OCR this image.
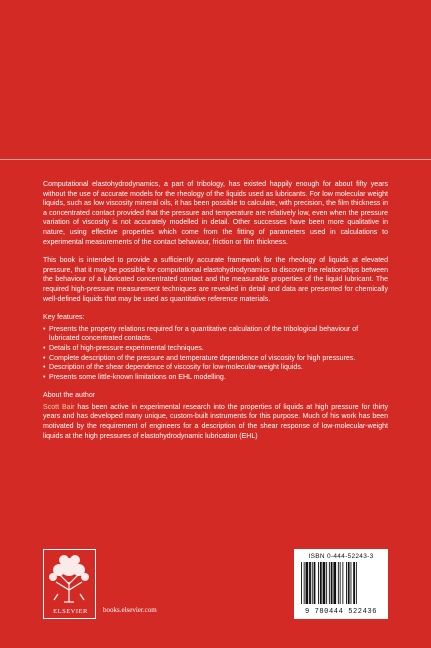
Computational elastohydrodynamics, a part of tribology, has existed happily enough for about fifty years without the use of accurate models for the rheology of the liquids used as lubricants. For low molecular weight liquids, such as low viscosity mineral oils, it has been possible to calculate, with precision, the film thickness in a concentrated contact provided that the pressure and temperature are relatively low, even when the pressure variation of viscosity is not accurately modelled in detail. Other successes have been more qualitative in nature, using effective properties which come from the fitting of parameters used in calculations to experimental measurements of the contact behaviour, friction or film thickness.

This book is intended to provide a sufficiently accurate framework for the rheology of liquids at elevated pressure, that it may be possible for computational elastohydrodynamics to discover the relationships between the behaviour of a lubricated concentrated contact and the measurable properties of the liquid lubricant. The required high-pressure measurement techniques are revealed in detail and data are presented for chemically well-defined liquids that may be used as quantitative reference materials.

Key features:
• Presents the property relations required for a quantitative calculation of the tribological behaviour of lubricated concentrated contacts.
• Details of high-pressure experimental techniques.
• Complete description of the pressure and temperature dependence of viscosity for high pressures.
• Description of the shear dependence of viscosity for low-molecular-weight liquids.
• Presents some little-known limitations on EHL modelling.
About the author

Scott Bair has been active in experimental research into the properties of liquids at high pressure for thirty years and has developed many unique, custom-built instruments for this purpose. Much of his work has been motivated by the requirement of engineers for a description of the shear response of low-molecular-weight liquids at the high pressures of elastohydrodynamic lubrication (EHL)

ELSEVIER	books.elsevier.com
ISBN 0-444-52243-3
9 780444 522436
